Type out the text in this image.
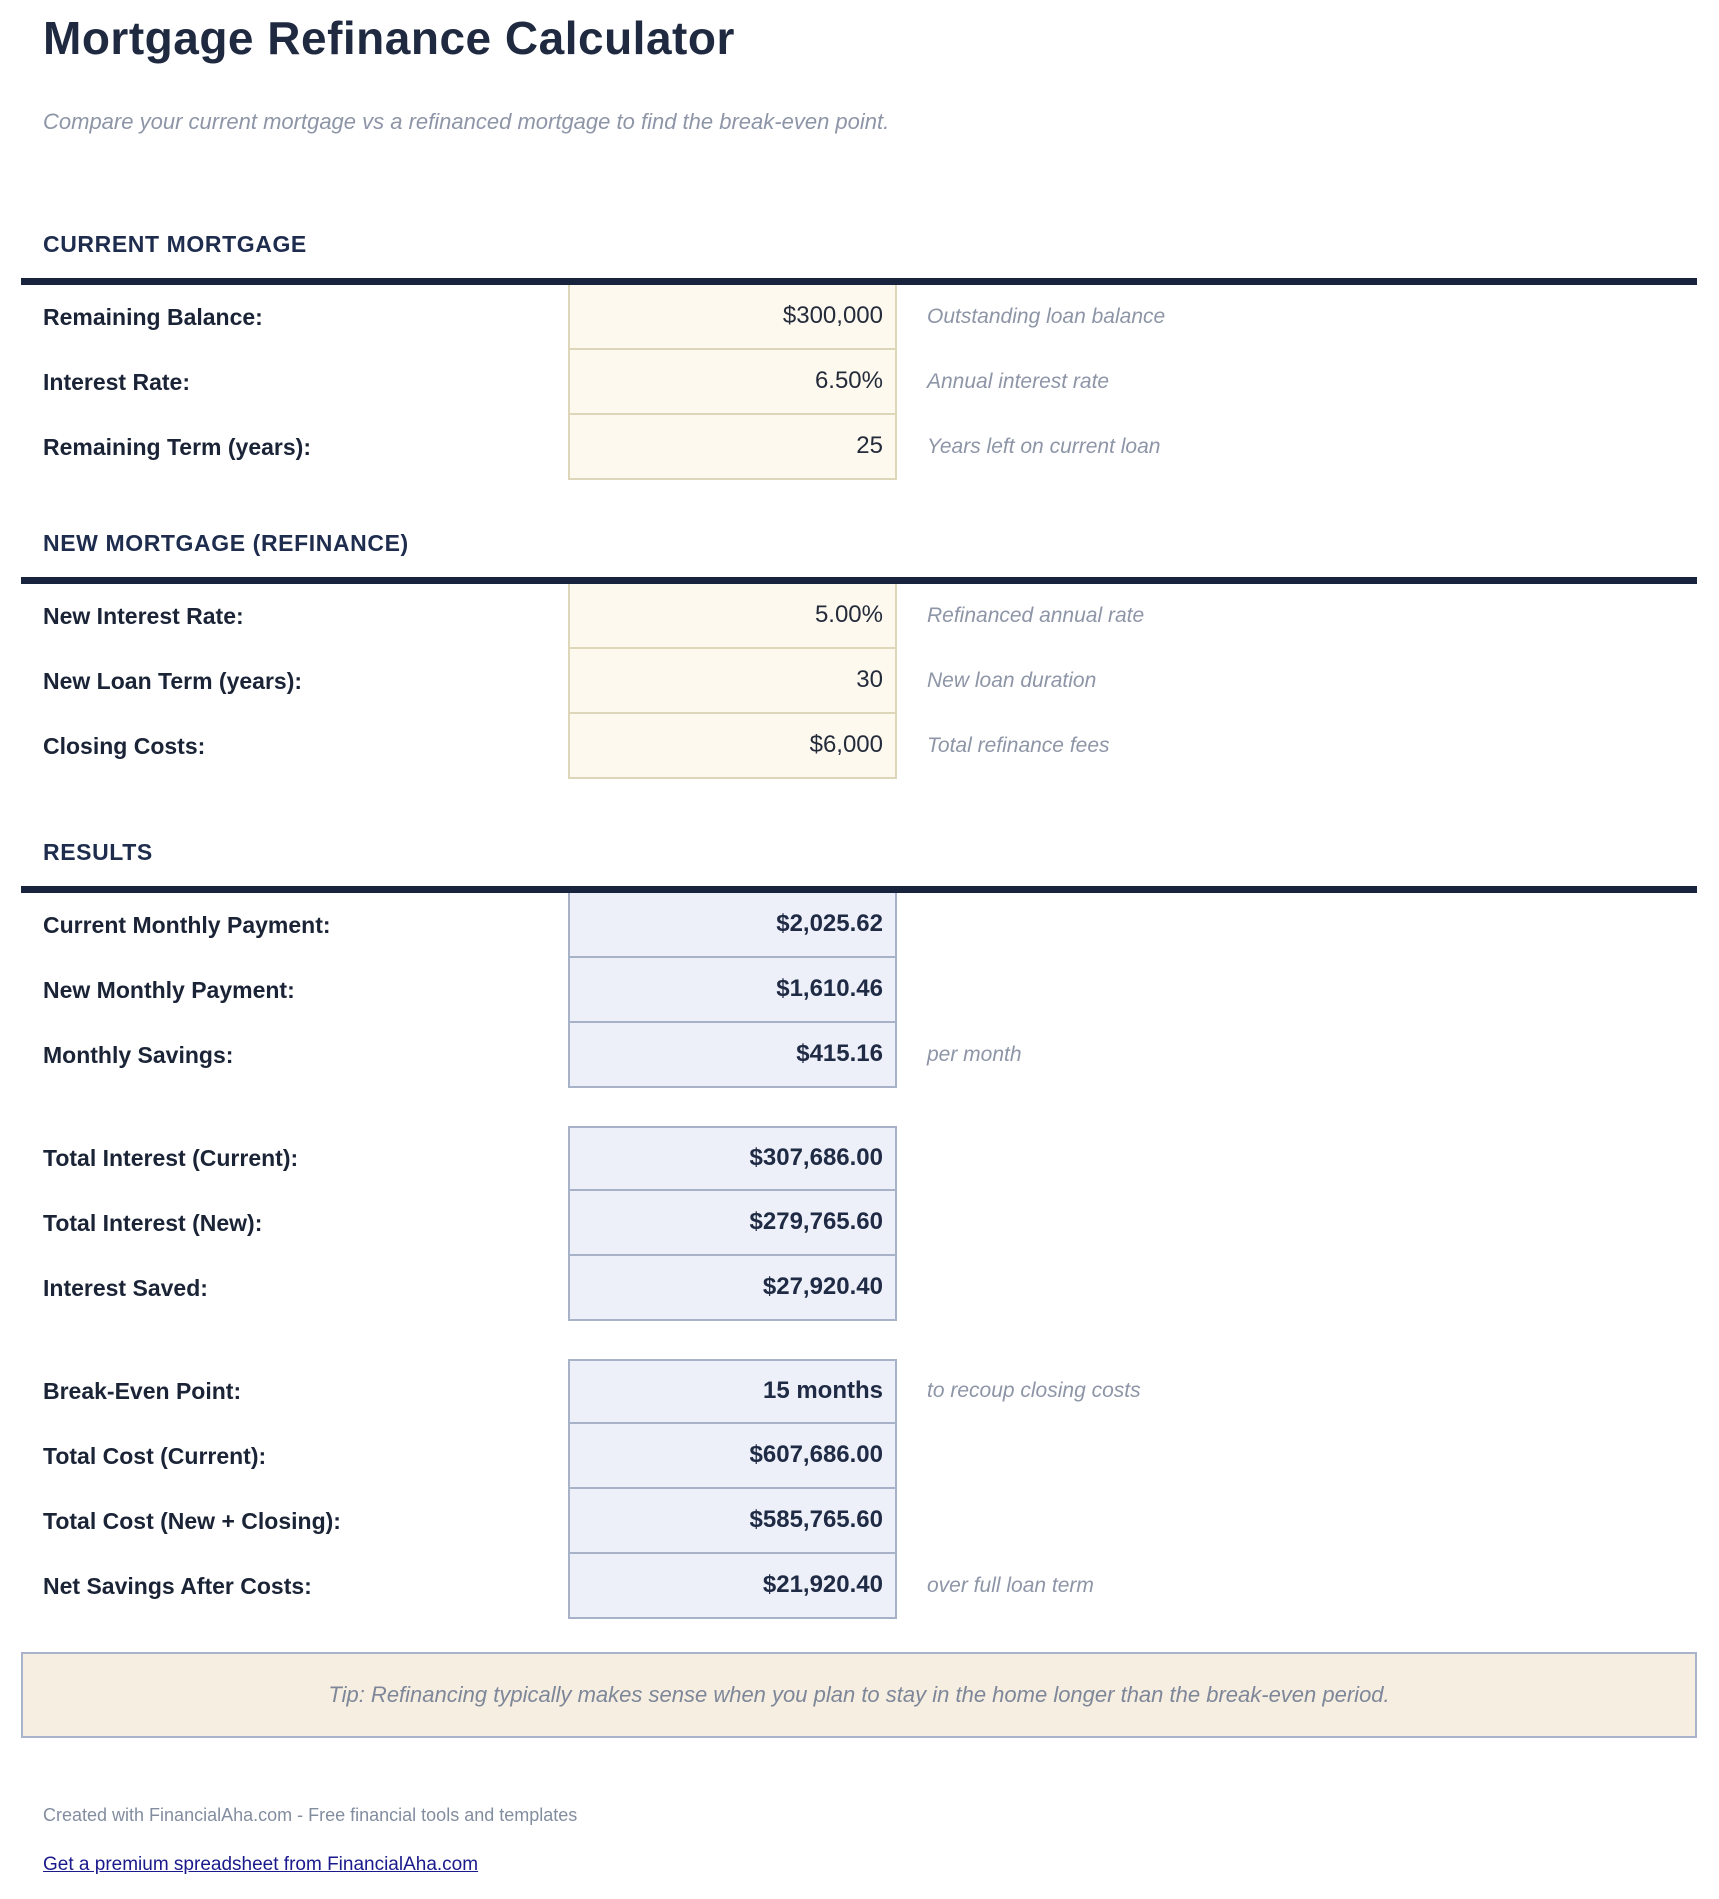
Mortgage Refinance Calculator
Compare your current mortgage vs a refinanced mortgage to find the break-even point.
CURRENT MORTGAGE
Remaining Balance:	$300,000	Outstanding loan balance
Interest Rate:	6.50%	Annual interest rate
Remaining Term (years):	25	Years left on current loan
NEW MORTGAGE (REFINANCE)
New Interest Rate:	5.00%	Refinanced annual rate
New Loan Term (years):	30	New loan duration
Closing Costs:	$6,000	Total refinance fees
RESULTS
Current Monthly Payment:	$2,025.62
New Monthly Payment:	$1,610.46
Monthly Savings:	$415.16	per month
Total Interest (Current):	$307,686.00
Total Interest (New):	$279,765.60
Interest Saved:	$27,920.40
Break-Even Point:	15 months	to recoup closing costs
Total Cost (Current):	$607,686.00
Total Cost (New + Closing):	$585,765.60
Net Savings After Costs:	$21,920.40	over full loan term
Tip: Refinancing typically makes sense when you plan to stay in the home longer than the break-even period.
Created with FinancialAha.com - Free financial tools and templates
Get a premium spreadsheet from FinancialAha.com
